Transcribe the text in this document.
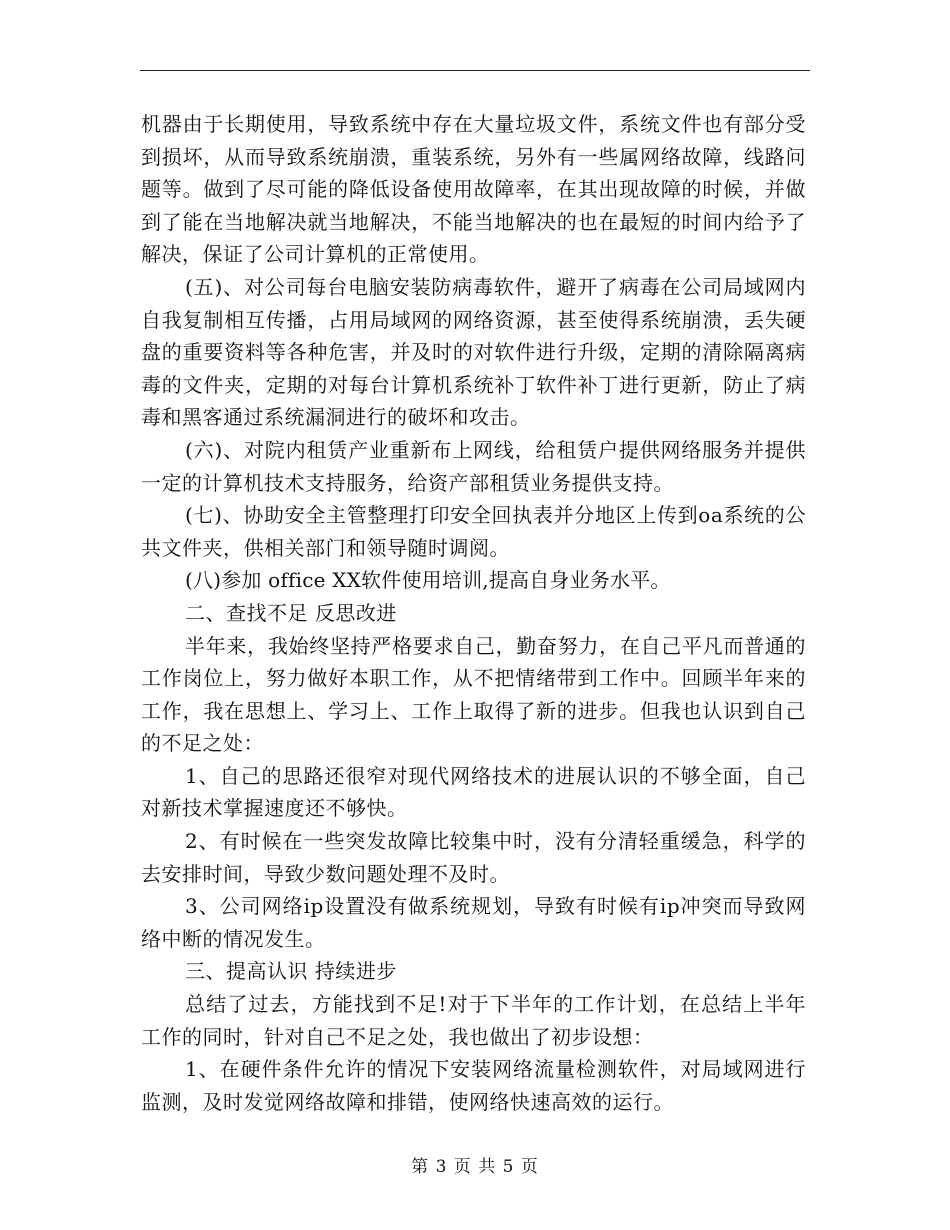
机器由于长期使用，导致系统中存在大量垃圾文件，系统文件也有部分受到损坏，从而导致系统崩溃，重装系统，另外有一些属网络故障，线路问题等。做到了尽可能的降低设备使用故障率，在其出现故障的时候，并做到了能在当地解决就当地解决，不能当地解决的也在最短的时间内给予了解决，保证了公司计算机的正常使用。

(五)、对公司每台电脑安装防病毒软件，避开了病毒在公司局域网内自我复制相互传播，占用局域网的网络资源，甚至使得系统崩溃，丢失硬盘的重要资料等各种危害，并及时的对软件进行升级，定期的清除隔离病毒的文件夹，定期的对每台计算机系统补丁软件补丁进行更新，防止了病毒和黑客通过系统漏洞进行的破坏和攻击。

(六)、对院内租赁产业重新布上网线，给租赁户提供网络服务并提供一定的计算机技术支持服务，给资产部租赁业务提供支持。

(七)、协助安全主管整理打印安全回执表并分地区上传到oa系统的公共文件夹，供相关部门和领导随时调阅。

(八)参加 office XX软件使用培训,提高自身业务水平。

二、查找不足 反思改进

半年来，我始终坚持严格要求自己，勤奋努力，在自己平凡而普通的工作岗位上，努力做好本职工作，从不把情绪带到工作中。回顾半年来的工作，我在思想上、学习上、工作上取得了新的进步。但我也认识到自己的不足之处：

1、自己的思路还很窄对现代网络技术的进展认识的不够全面，自己对新技术掌握速度还不够快。

2、有时候在一些突发故障比较集中时，没有分清轻重缓急，科学的去安排时间，导致少数问题处理不及时。

3、公司网络ip设置没有做系统规划，导致有时候有ip冲突而导致网络中断的情况发生。

三、提高认识 持续进步

总结了过去，方能找到不足!对于下半年的工作计划，在总结上半年工作的同时，针对自己不足之处，我也做出了初步设想：

1、在硬件条件允许的情况下安装网络流量检测软件，对局域网进行监测，及时发觉网络故障和排错，使网络快速高效的运行。

第 3 页 共 5 页
